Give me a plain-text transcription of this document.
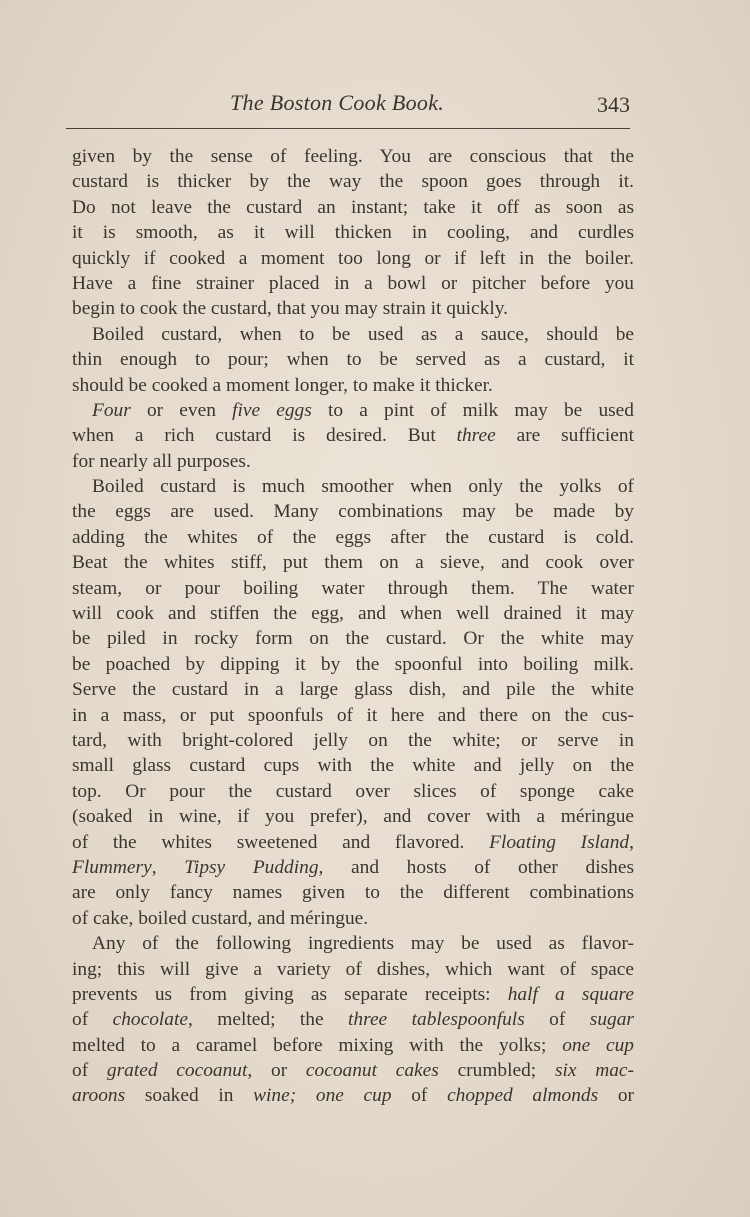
The Boston Cook Book.	343
given by the sense of feeling. You are conscious that the
custard is thicker by the way the spoon goes through it.
Do not leave the custard an instant; take it off as soon as
it is smooth, as it will thicken in cooling, and curdles
quickly if cooked a moment too long or if left in the boiler.
Have a fine strainer placed in a bowl or pitcher before you
begin to cook the custard, that you may strain it quickly.
Boiled custard, when to be used as a sauce, should be
thin enough to pour; when to be served as a custard, it
should be cooked a moment longer, to make it thicker.
Four or even five eggs to a pint of milk may be used
when a rich custard is desired. But three are sufficient
for nearly all purposes.
Boiled custard is much smoother when only the yolks of
the eggs are used. Many combinations may be made by
adding the whites of the eggs after the custard is cold.
Beat the whites stiff, put them on a sieve, and cook over
steam, or pour boiling water through them. The water
will cook and stiffen the egg, and when well drained it may
be piled in rocky form on the custard. Or the white may
be poached by dipping it by the spoonful into boiling milk.
Serve the custard in a large glass dish, and pile the white
in a mass, or put spoonfuls of it here and there on the cus-
tard, with bright-colored jelly on the white; or serve in
small glass custard cups with the white and jelly on the
top. Or pour the custard over slices of sponge cake
(soaked in wine, if you prefer), and cover with a méringue
of the whites sweetened and flavored. Floating Island,
Flummery, Tipsy Pudding, and hosts of other dishes
are only fancy names given to the different combinations
of cake, boiled custard, and méringue.
Any of the following ingredients may be used as flavor-
ing; this will give a variety of dishes, which want of space
prevents us from giving as separate receipts: half a square
of chocolate, melted; the three tablespoonfuls of sugar
melted to a caramel before mixing with the yolks; one cup
of grated cocoanut, or cocoanut cakes crumbled; six mac-
aroons soaked in wine; one cup of chopped almonds or
